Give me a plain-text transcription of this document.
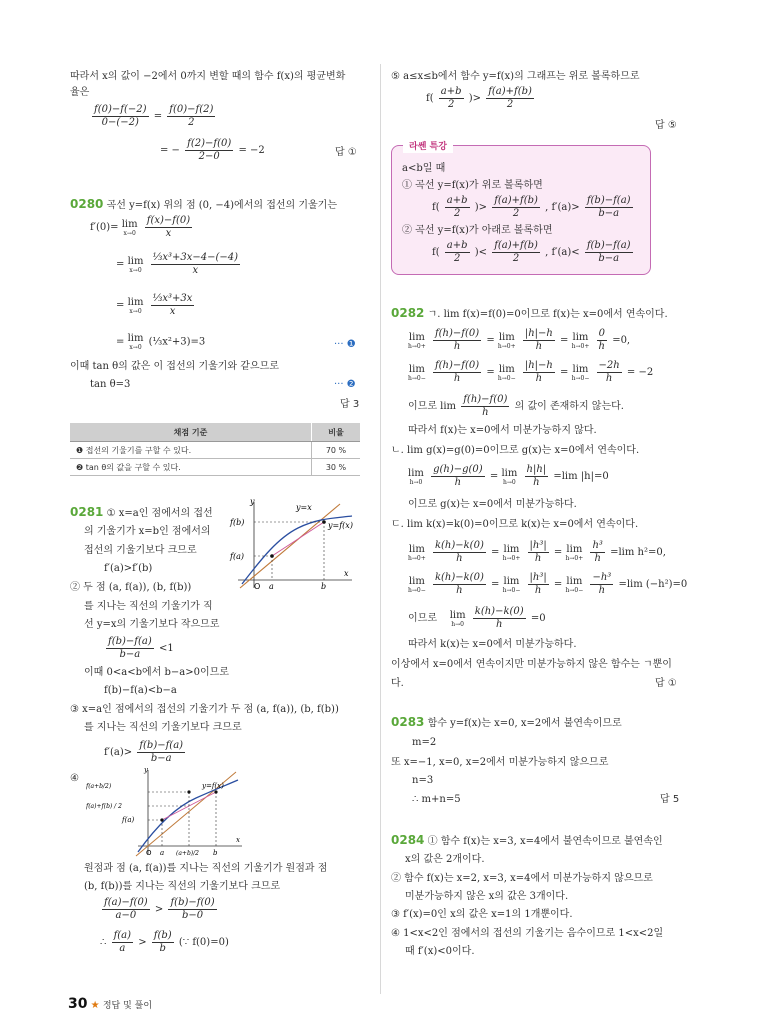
따라서 x의 값이 −2에서 0까지 변할 때의 함수 f(x)의 평균변화
율은
$\frac{f(0)-f(-2)}{0-(-2)} = \frac{f(0)-f(2)}{2}$
= − $\frac{f(2)-f(0)}{2-0} = -2$	답 ①
0280 곡선 y=f(x) 위의 점 (0, −4)에서의 접선의 기울기는
f′(0)= lim
x→0
$\frac{f(x)-f(0)}{x}$
= lim
x→0
$\frac{\text{⅓x³+3x−4−(−4)}}{x}$
= lim
x→0
$\frac{\text{⅓x³+3x}}{x}$
= lim
x→0 (⅓x²+3)=3	··· ❶
이때 tan θ의 값은 이 접선의 기울기와 같으므로
tan θ=3	··· ❷
답 3
채점 기준	비율
❶ 접선의 기울기를 구할 수 있다.	70 %
❷ tan θ의 값을 구할 수 있다.	30 %
0281 ① x=a인 점에서의 접선
의 기울기가 x=b인 점에서의
접선의 기울기보다 크므로
f′(a)>f′(b)
② 두 점 (a, f(a)), (b, f(b))
를 지나는 직선의 기울기가 직
선 y=x의 기울기보다 작으므로
$\frac{f(b)-f(a)}{b-a} <1$
이때 0<a<b에서 b−a>0이므로
f(b)−f(a)<b−a
③ x=a인 점에서의 접선의 기울기가 두 점 (a, f(a)), (b, f(b))
를 지나는 직선의 기울기보다 크므로
$f'(a)> \frac{f(b)-f(a)}{b-a}$
④
O a	b
x
y
y=x
y=f(x)
f(b)
f(a)
O a (a+b)/2 b
x
y
y=f(x)
f(a+b/2)
f(a)+f(b) / 2
f(a)
원점과 점 (a, f(a))를 지나는 직선의 기울기가 원점과 점
(b, f(b))를 지나는 직선의 기울기보다 크므로
$\frac{f(a)-f(0)}{a-0} > \frac{f(b)-f(0)}{b-0}$
∴ $\frac{f(a)}{a} > \frac{f(b)}{b}$ (∵ f(0)=0)
⑤ a≤x≤b에서 함수 y=f(x)의 그래프는 위로 볼록하므로
$f( \frac{a+b}{2}$ )> $\frac{f(a)+f(b)}{2}$
답 ⑤
라쎈 특강
a<b일 때
① 곡선 y=f(x)가 위로 볼록하면
$f( \frac{a+b}{2}$ )> $\frac{f(a)+f(b)}{2}$ , $f'(a)> \frac{f(b)-f(a)}{b-a}$
② 곡선 y=f(x)가 아래로 볼록하면
$f( \frac{a+b}{2}$ )< $\frac{f(a)+f(b)}{2}$ , $f'(a)< \frac{f(b)-f(a)}{b-a}$
0282 ㄱ. lim f(x)=f(0)=0이므로 f(x)는 x=0에서 연속이다.
lim
h→0+
$\frac{f(h)-f(0)}{h} = \lim$
h→0+
$\frac{|h|-h}{h} = \lim$
h→0+
$\frac{0}{h} =0$,
lim
h→0−
$\frac{f(h)-f(0)}{h} = \lim$
h→0−
$\frac{|h|-h}{h} = \lim$
h→0−
$\frac{-2h}{h} = -2$
이므로 $\lim \frac{f(h)-f(0)}{h}$ 의 값이 존재하지 않는다.
따라서 f(x)는 x=0에서 미분가능하지 않다.
ㄴ. lim g(x)=g(0)=0이므로 g(x)는 x=0에서 연속이다.
lim
h→0
$\frac{g(h)-g(0)}{h} = \lim$
h→0
$\frac{h|h|}{h} =\lim$ |h|=0
이므로 g(x)는 x=0에서 미분가능하다.
ㄷ. lim k(x)=k(0)=0이므로 k(x)는 x=0에서 연속이다.
lim
h→0+
$\frac{k(h)-k(0)}{h} = \lim$
h→0+
$\frac{\text{|h³|}}{h} = \lim$
h→0+
$\frac{\text{h³}}{h} =\lim$ h²=0,
lim
h→0−
$\frac{k(h)-k(0)}{h} = \lim$
h→0−
$\frac{\text{|h³|}}{h} = \lim$
h→0−
$\frac{\text{−h³}}{h} =\lim$ (−h²)=0
이므로 lim
h→0
$\frac{k(h)-k(0)}{h} =0$
따라서 k(x)는 x=0에서 미분가능하다.
이상에서 x=0에서 연속이지만 미분가능하지 않은 함수는 ㄱ뿐이
다.	답 ①
0283 함수 y=f(x)는 x=0, x=2에서 불연속이므로
m=2
또 x=−1, x=0, x=2에서 미분가능하지 않으므로
n=3
∴ m+n=5	답 5
0284 ① 함수 f(x)는 x=3, x=4에서 불연속이므로 불연속인
x의 값은 2개이다.
② 함수 f(x)는 x=2, x=3, x=4에서 미분가능하지 않으므로
미분가능하지 않은 x의 값은 3개이다.
③ f′(x)=0인 x의 값은 x=1의 1개뿐이다.
④ 1<x<2인 점에서의 접선의 기울기는 음수이므로 1<x<2일
때 f′(x)<0이다.
30 ★ 정답 및 풀이
